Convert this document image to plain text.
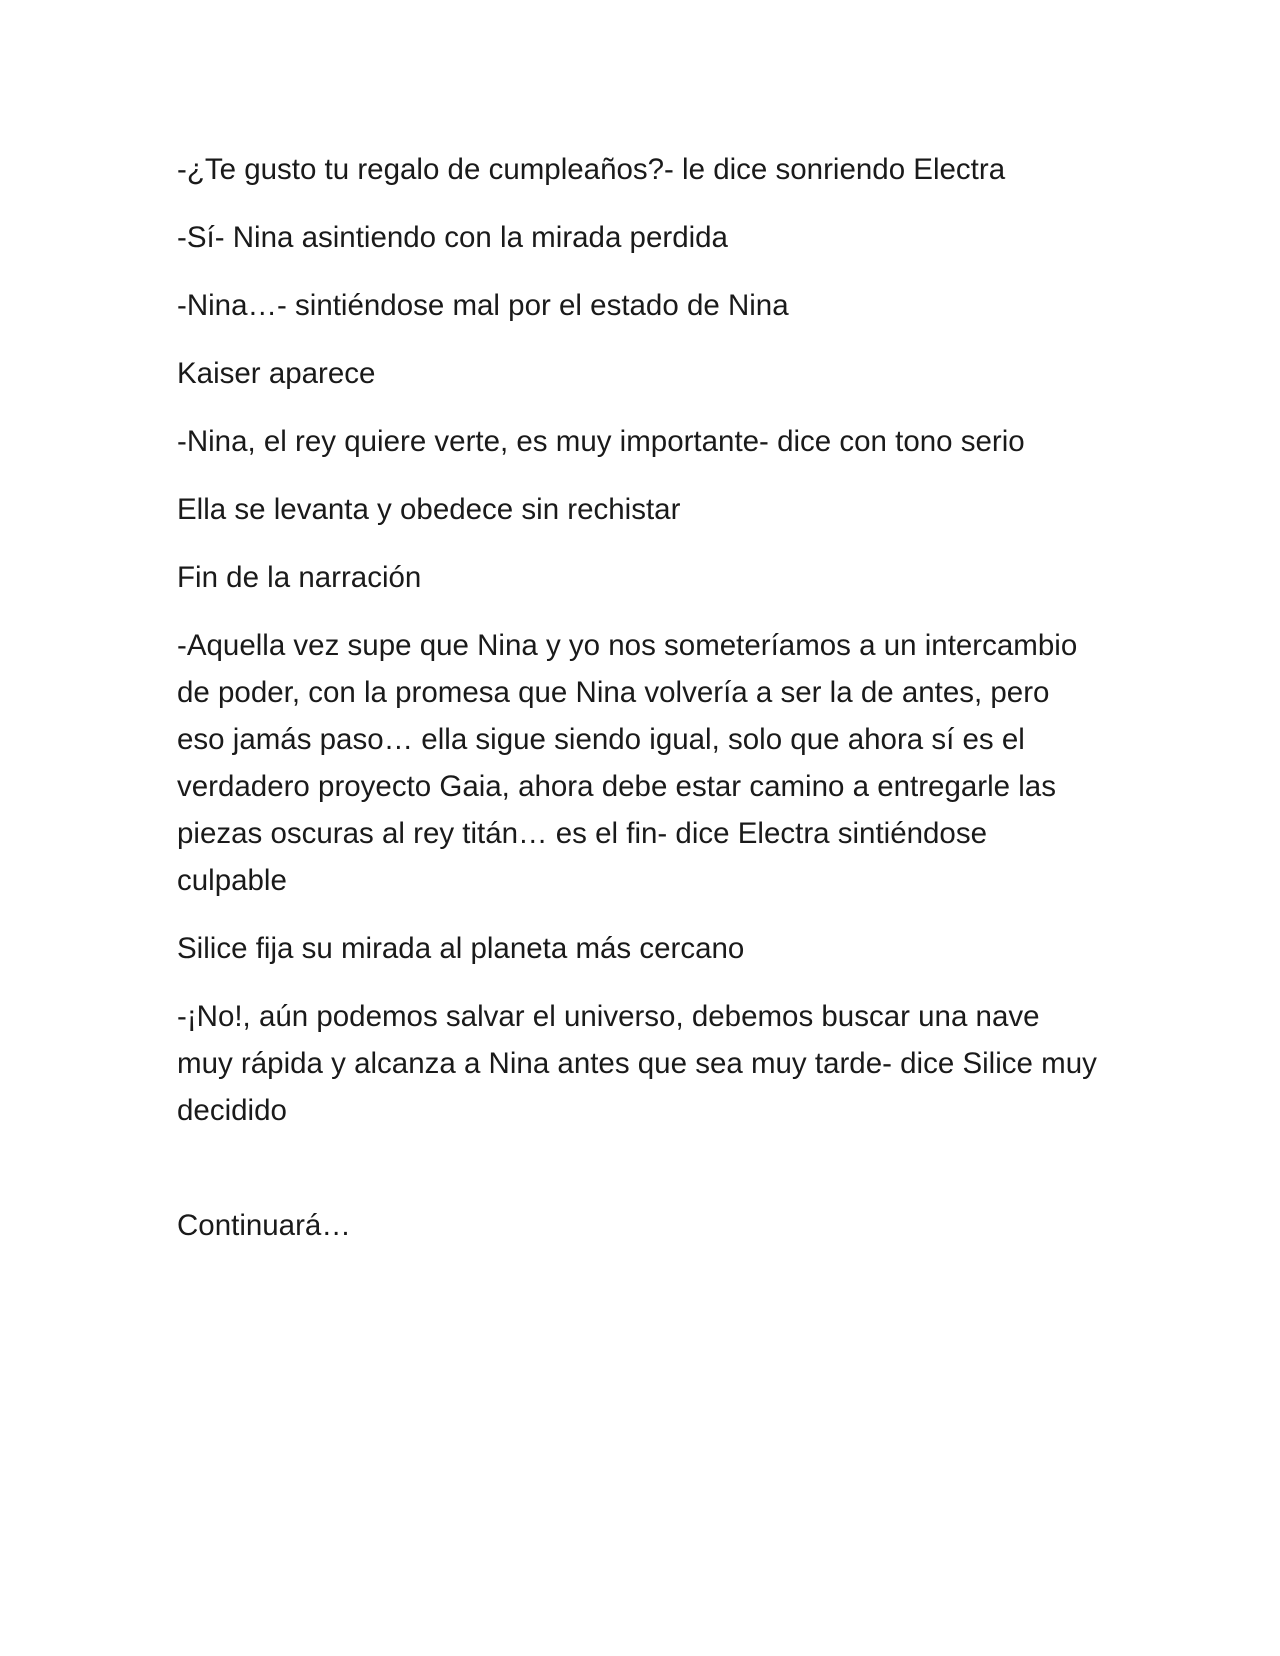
-¿Te gusto tu regalo de cumpleaños?- le dice sonriendo Electra

-Sí- Nina asintiendo con la mirada perdida

-Nina…- sintiéndose mal por el estado de Nina

Kaiser aparece

-Nina, el rey quiere verte, es muy importante- dice con tono serio

Ella se levanta y obedece sin rechistar

Fin de la narración

-Aquella vez supe que Nina y yo nos someteríamos a un intercambio de poder, con la promesa que Nina volvería a ser la de antes, pero eso jamás paso… ella sigue siendo igual, solo que ahora sí es el verdadero proyecto Gaia, ahora debe estar camino a entregarle las piezas oscuras al rey titán… es el fin- dice Electra sintiéndose culpable

Silice fija su mirada al planeta más cercano

-¡No!, aún podemos salvar el universo, debemos buscar una nave muy rápida y alcanza a Nina antes que sea muy tarde- dice Silice muy decidido

Continuará…
